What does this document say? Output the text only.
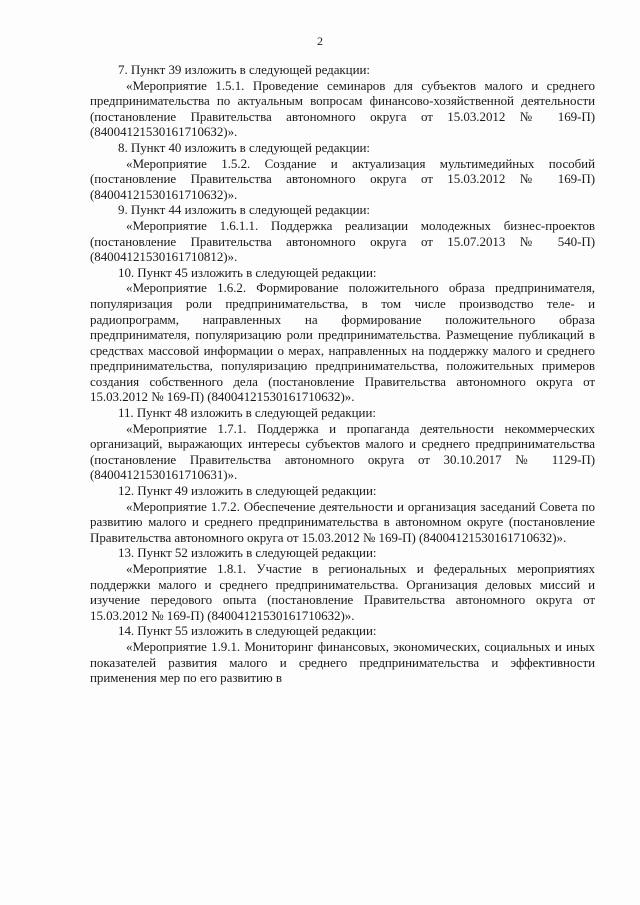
2

7. Пункт 39 изложить в следующей редакции:

«Мероприятие 1.5.1. Проведение семинаров для субъектов малого и среднего предпринимательства по актуальным вопросам финансово-хозяйственной деятельности (постановление Правительства автономного округа от 15.03.2012 № 169-П) (840041215301617106З2)».

8. Пункт 40 изложить в следующей редакции:

«Мероприятие 1.5.2. Создание и актуализация мультимедийных пособий (постановление Правительства автономного округа от 15.03.2012 № 169-П) (840041215301617106З2)».

9. Пункт 44 изложить в следующей редакции:

«Мероприятие 1.6.1.1. Поддержка реализации молодежных бизнес-проектов (постановление Правительства автономного округа от 15.07.2013 № 540-П) (84004121530161710812)».

10. Пункт 45 изложить в следующей редакции:

«Мероприятие 1.6.2. Формирование положительного образа предпринимателя, популяризация роли предпринимательства, в том числе производство теле- и радиопрограмм, направленных на формирование положительного образа предпринимателя, популяризацию роли предпринимательства. Размещение публикаций в средствах массовой информации о мерах, направленных на поддержку малого и среднего предпринимательства, популяризацию предпринимательства, положительных примеров создания собственного дела (постановление Правительства автономного округа от 15.03.2012 № 169-П) (840041215301617106З2)».

11. Пункт 48 изложить в следующей редакции:

«Мероприятие 1.7.1. Поддержка и пропаганда деятельности некоммерческих организаций, выражающих интересы субъектов малого и среднего предпринимательства (постановление Правительства автономного округа от 30.10.2017 № 1129-П) (84004121530161710631)».

12. Пункт 49 изложить в следующей редакции:

«Мероприятие 1.7.2. Обеспечение деятельности и организация заседаний Совета по развитию малого и среднего предпринимательства в автономном округе (постановление Правительства автономного округа от 15.03.2012 № 169-П) (840041215301617106З2)».

13. Пункт 52 изложить в следующей редакции:

«Мероприятие 1.8.1. Участие в региональных и федеральных мероприятиях поддержки малого и среднего предпринимательства. Организация деловых миссий и изучение передового опыта (постановление Правительства автономного округа от 15.03.2012 № 169-П) (840041215301617106З2)».

14. Пункт 55 изложить в следующей редакции:

«Мероприятие 1.9.1. Мониторинг финансовых, экономических, социальных и иных показателей развития малого и среднего предпринимательства и эффективности применения мер по его развитию в
